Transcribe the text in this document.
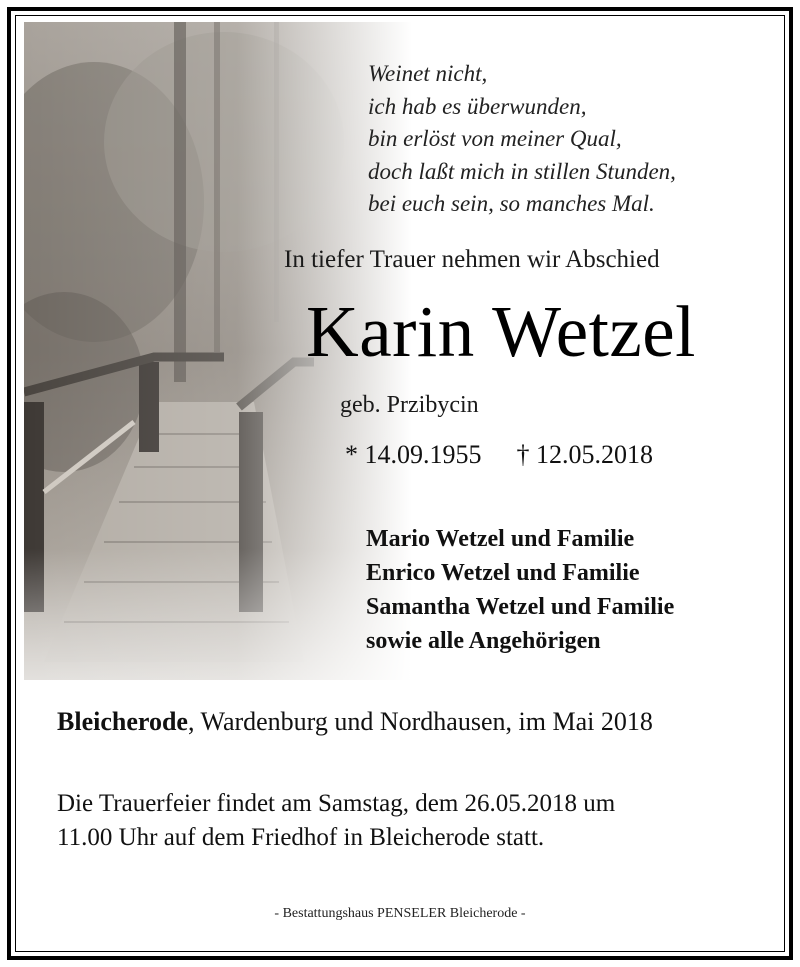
Weinet nicht,
ich hab es überwunden,
bin erlöst von meiner Qual,
doch laßt mich in stillen Stunden,
bei euch sein, so manches Mal.
In tiefer Trauer nehmen wir Abschied
Karin Wetzel
geb. Przibycin
* 14.09.1955 † 12.05.2018
Mario Wetzel und Familie
Enrico Wetzel und Familie
Samantha Wetzel und Familie
sowie alle Angehörigen
Bleicherode, Wardenburg und Nordhausen, im Mai 2018
Die Trauerfeier findet am Samstag, dem 26.05.2018 um
11.00 Uhr auf dem Friedhof in Bleicherode statt.
- Bestattungshaus PENSELER Bleicherode -
